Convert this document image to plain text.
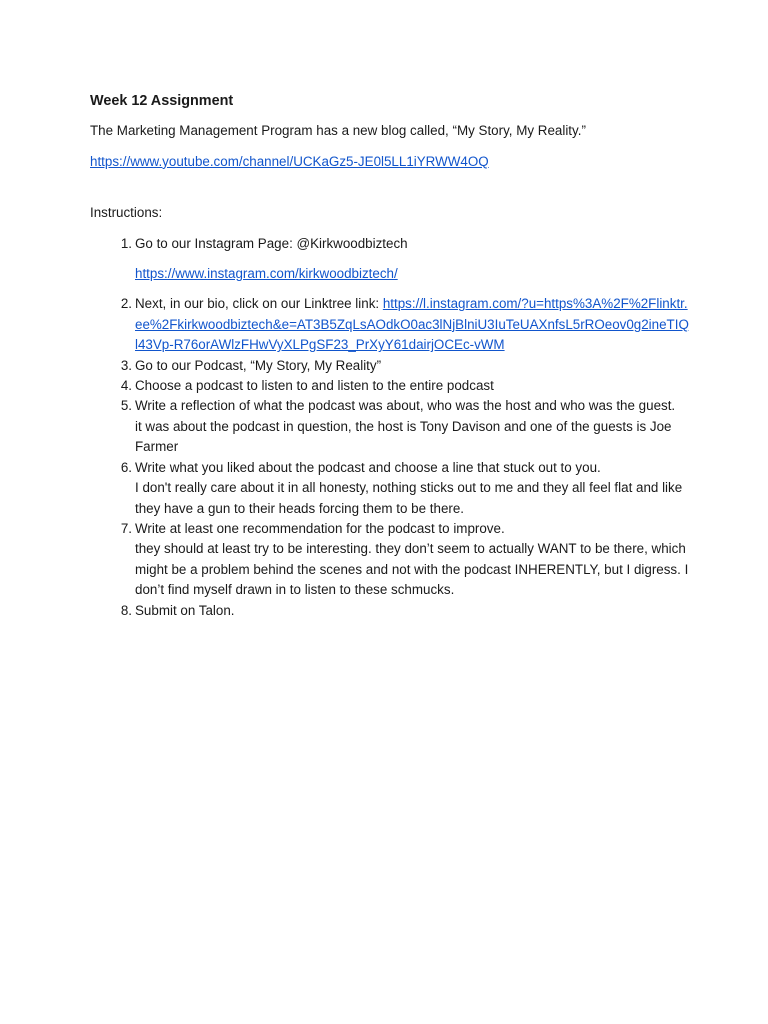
Week 12 Assignment
The Marketing Management Program has a new blog called, “My Story, My Reality.”
https://www.youtube.com/channel/UCKaGz5-JE0l5LL1iYRWW4OQ
Instructions:
1. Go to our Instagram Page: @Kirkwoodbiztech
https://www.instagram.com/kirkwoodbiztech/
2. Next, in our bio, click on our Linktree link: https://l.instagram.com/?u=https%3A%2F%2Flinktr.ee%2Fkirkwoodbiztech&e=AT3B5ZqLsAOdkO0ac3lNjBlniU3IuTeUAXnfsL5rROeov0g2ineTIQl43Vp-R76orAWlzFHwVyXLPgSF23_PrXyY61dairjOCEc-vWM
3. Go to our Podcast, “My Story, My Reality”
4. Choose a podcast to listen to and listen to the entire podcast
5. Write a reflection of what the podcast was about, who was the host and who was the guest.
it was about the podcast in question, the host is Tony Davison and one of the guests is Joe Farmer
6. Write what you liked about the podcast and choose a line that stuck out to you.
I don't really care about it in all honesty, nothing sticks out to me and they all feel flat and like they have a gun to their heads forcing them to be there.
7. Write at least one recommendation for the podcast to improve.
they should at least try to be interesting. they don’t seem to actually WANT to be there, which might be a problem behind the scenes and not with the podcast INHERENTLY, but I digress. I don’t find myself drawn in to listen to these schmucks.
8. Submit on Talon.
